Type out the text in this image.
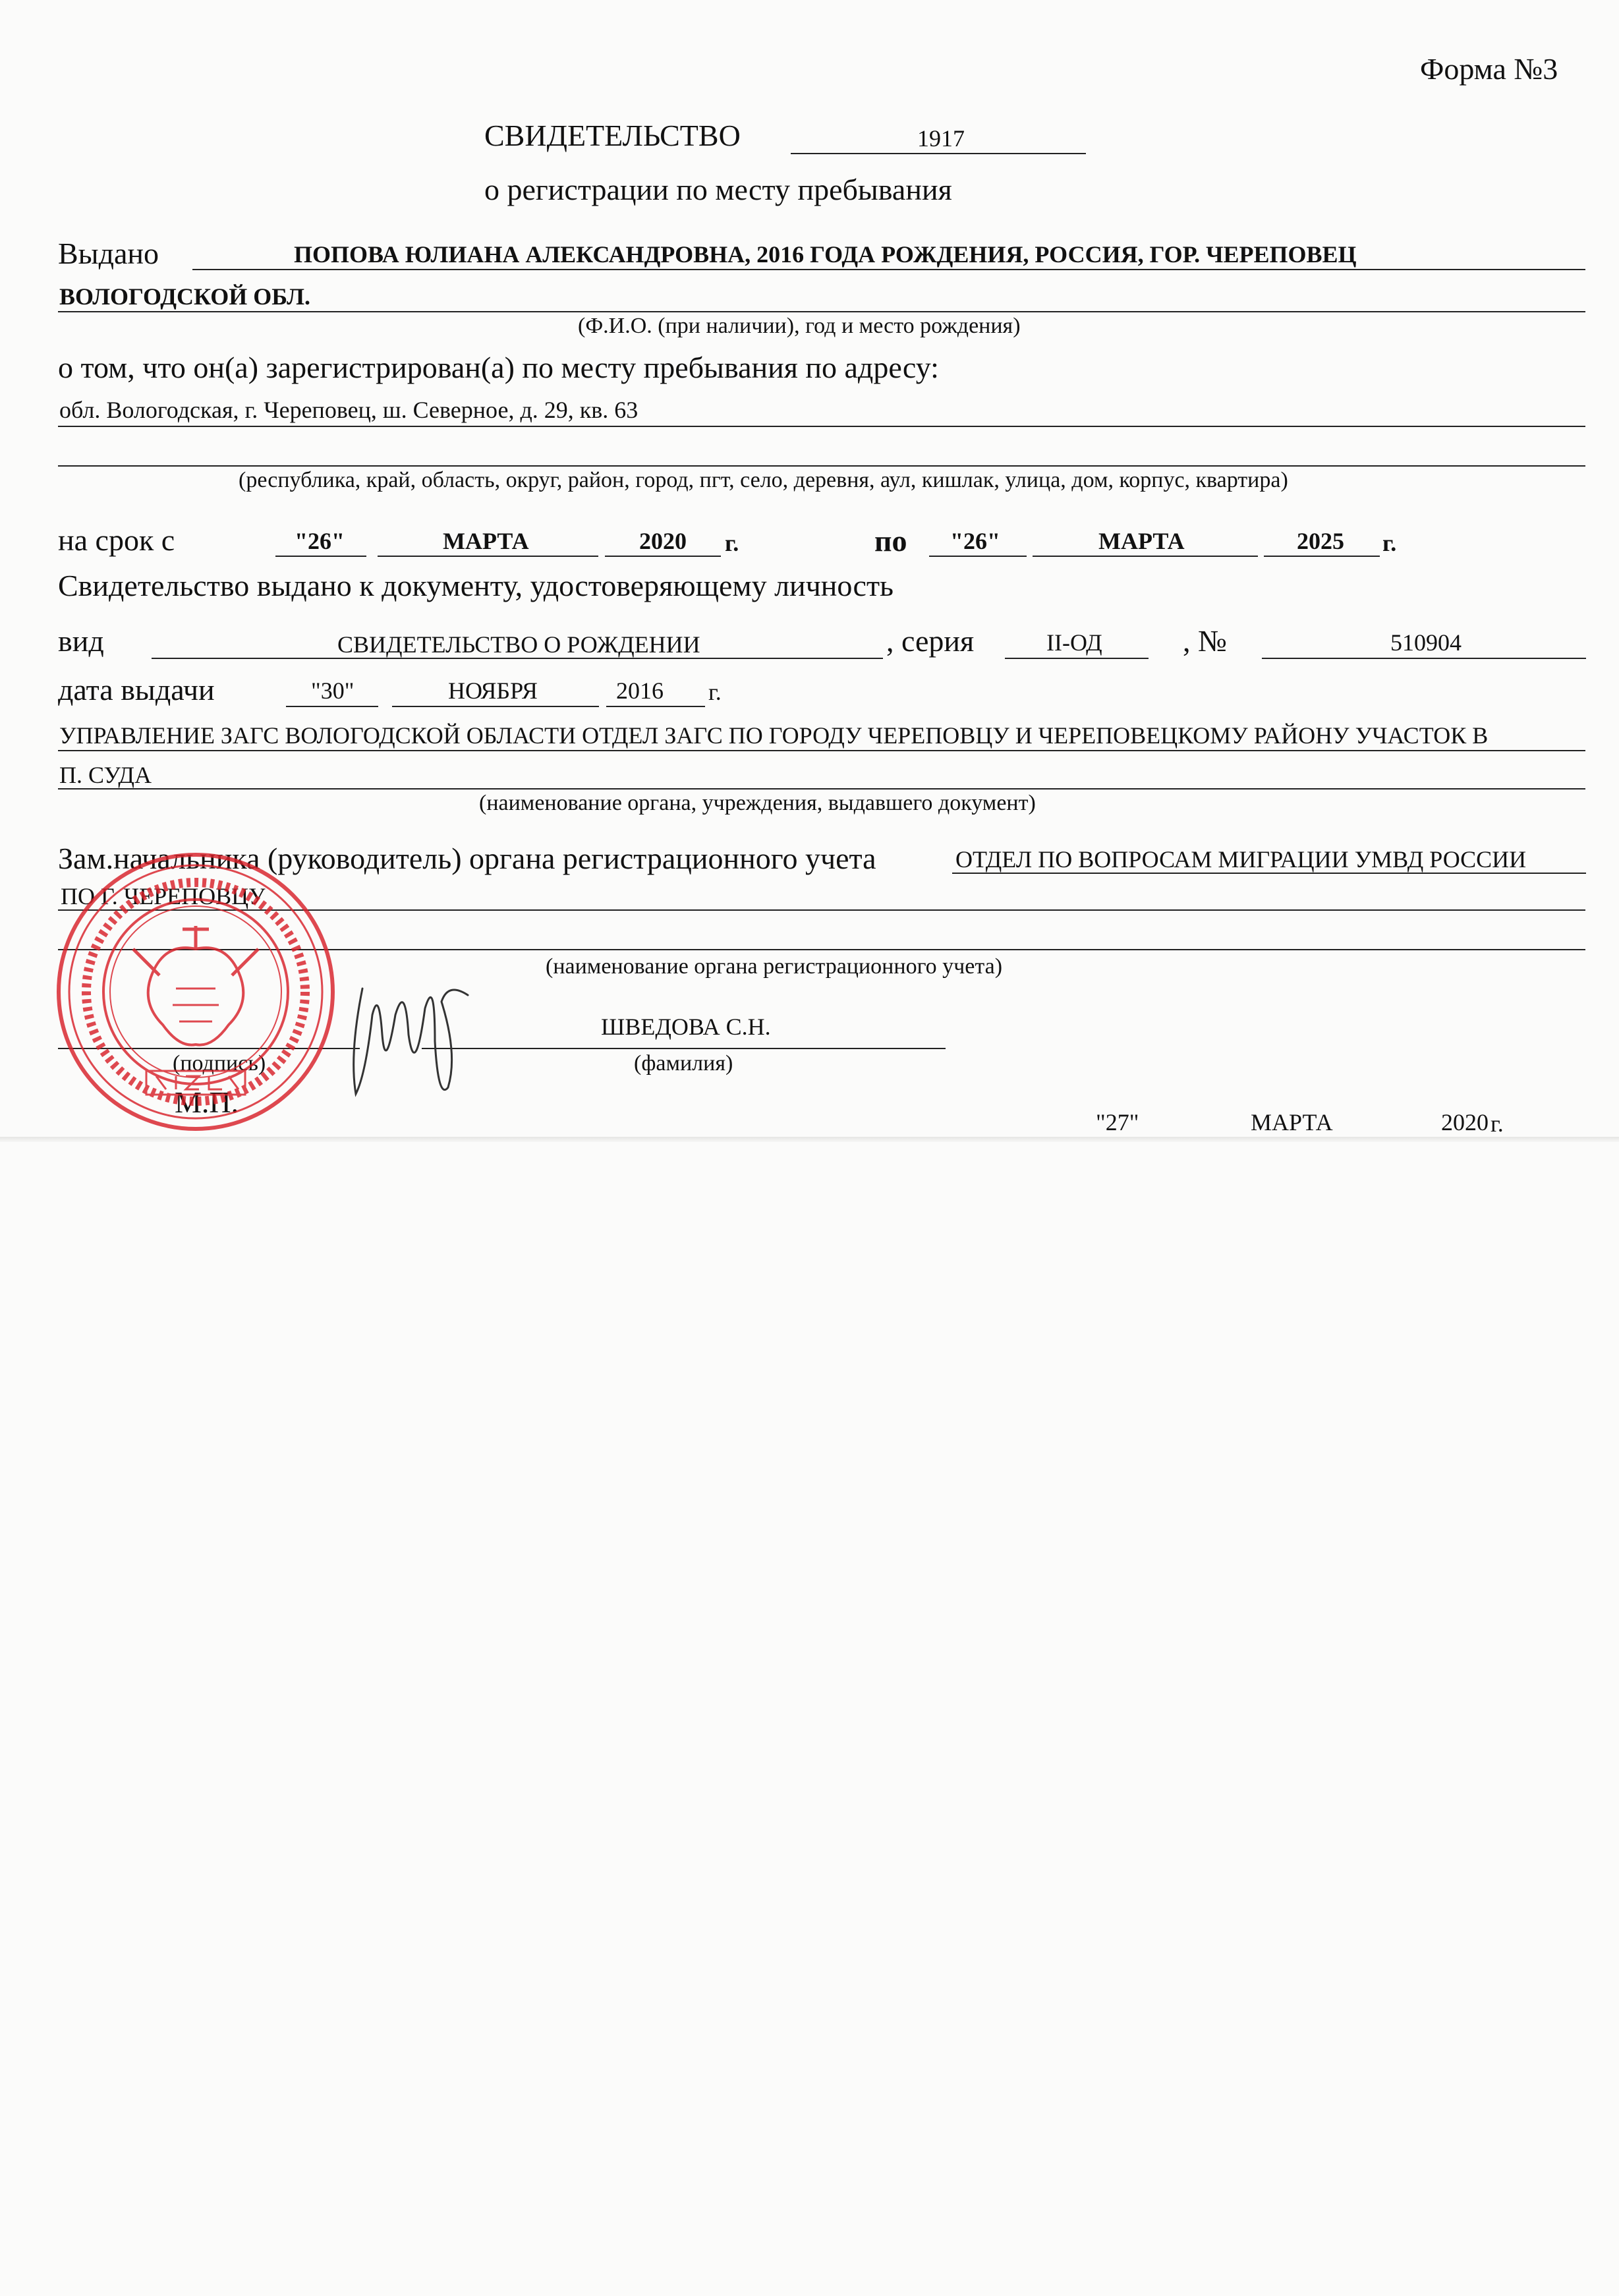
Форма №3
СВИДЕТЕЛЬСТВО	1917
о регистрации по месту пребывания
Выдано	ПОПОВА ЮЛИАНА АЛЕКСАНДРОВНА, 2016 ГОДА РОЖДЕНИЯ, РОССИЯ, ГОР. ЧЕРЕПОВЕЦ
ВОЛОГОДСКОЙ ОБЛ.
(Ф.И.О. (при наличии), год и место рождения)
о том, что он(а) зарегистрирован(а) по месту пребывания по адресу:
обл. Вологодская, г. Череповец, ш. Северное, д. 29, кв. 63
(республика, край, область, округ, район, город, пгт, село, деревня, аул, кишлак, улица, дом, корпус, квартира)
на срок с	"26"	МАРТА	2020 г.	по "26"	МАРТА	2025 г.
Свидетельство выдано к документу, удостоверяющему личность
вид	СВИДЕТЕЛЬСТВО О РОЖДЕНИИ	, серия	II-ОД	, №	510904
дата выдачи	"30"	НОЯБРЯ	2016 г.
УПРАВЛЕНИЕ ЗАГС ВОЛОГОДСКОЙ ОБЛАСТИ ОТДЕЛ ЗАГС ПО ГОРОДУ ЧЕРЕПОВЦУ И ЧЕРЕПОВЕЦКОМУ РАЙОНУ УЧАСТОК В
П. СУДА
(наименование органа, учреждения, выдавшего документ)
Зам.начальника (руководитель) органа регистрационного учета	ОТДЕЛ ПО ВОПРОСАМ МИГРАЦИИ УМВД РОССИИ
ПО Г. ЧЕРЕПОВЦУ
(наименование органа регистрационного учета)
ШВЕДОВА С.Н.
(подпись)	(фамилия)
М.П.
"27"	МАРТА	2020 г.
